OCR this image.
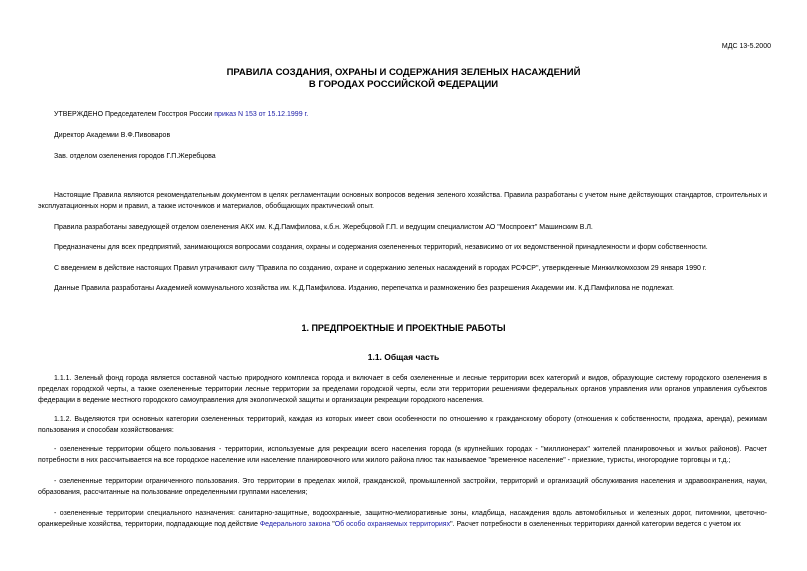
МДС 13-5.2000
ПРАВИЛА СОЗДАНИЯ, ОХРАНЫ И СОДЕРЖАНИЯ ЗЕЛЕНЫХ НАСАЖДЕНИЙ
В ГОРОДАХ РОССИЙСКОЙ ФЕДЕРАЦИИ
УТВЕРЖДЕНО Председателем Госстроя России приказ N 153 от 15.12.1999 г.
Директор Академии В.Ф.Пивоваров
Зав. отделом озеленения городов Г.П.Жеребцова
Настоящие Правила являются рекомендательным документом в целях регламентации основных вопросов ведения зеленого хозяйства. Правила разработаны с учетом ныне действующих стандартов, строительных и эксплуатационных норм и правил, а также источников и материалов, обобщающих практический опыт.
Правила разработаны заведующей отделом озеленения АКХ им. К.Д.Памфилова, к.б.н. Жеребцовой Г.П. и ведущим специалистом АО "Моспроект" Машинским В.Л.
Предназначены для всех предприятий, занимающихся вопросами создания, охраны и содержания озелененных территорий, независимо от их ведомственной принадлежности и форм собственности.
С введением в действие настоящих Правил утрачивают силу "Правила по созданию, охране и содержанию зеленых насаждений в городах РСФСР", утвержденные Минжилкомхозом 29 января 1990 г.
Данные Правила разработаны Академией коммунального хозяйства им. К.Д.Памфилова. Изданию, перепечатка и размножению без разрешения Академии им. К.Д.Памфилова не подлежат.
1. ПРЕДПРОЕКТНЫЕ И ПРОЕКТНЫЕ РАБОТЫ
1.1. Общая часть
1.1.1. Зеленый фонд города является составной частью природного комплекса города и включает в себя озелененные и лесные территории всех категорий и видов, образующие систему городского озеленения в пределах городской черты, а также озелененные территории лесные территории за пределами городской черты, если эти территории решениями федеральных органов управления или органов управления субъектов федерации в ведение местного городского самоуправления для экологической защиты и организации рекреации городского населения.
1.1.2. Выделяются три основных категории озелененных территорий, каждая из которых имеет свои особенности по отношению к гражданскому обороту (отношения к собственности, продажа, аренда), режимам пользования и способам хозяйствования:
- озелененные территории общего пользования - территории, используемые для рекреации всего населения города (в крупнейших городах - "миллионерах" жителей планировочных и жилых районов). Расчет потребности в них рассчитывается на все городское население или население планировочного или жилого района плюс так называемое "временное население" - приезжие, туристы, иногородние торговцы и т.д.;
- озелененные территории ограниченного пользования. Это территории в пределах жилой, гражданской, промышленной застройки, территорий и организаций обслуживания населения и здравоохранения, науки, образования, рассчитанные на пользование определенными группами населения;
- озелененные территории специального назначения: санитарно-защитные, водоохранные, защитно-мелиоративные зоны, кладбища, насаждения вдоль автомобильных и железных дорог, питомники, цветочно-оранжерейные хозяйства, территории, подпадающие под действие Федерального закона "Об особо охраняемых территориях". Расчет потребности в озелененных территориях данной категории ведется с учетом их
